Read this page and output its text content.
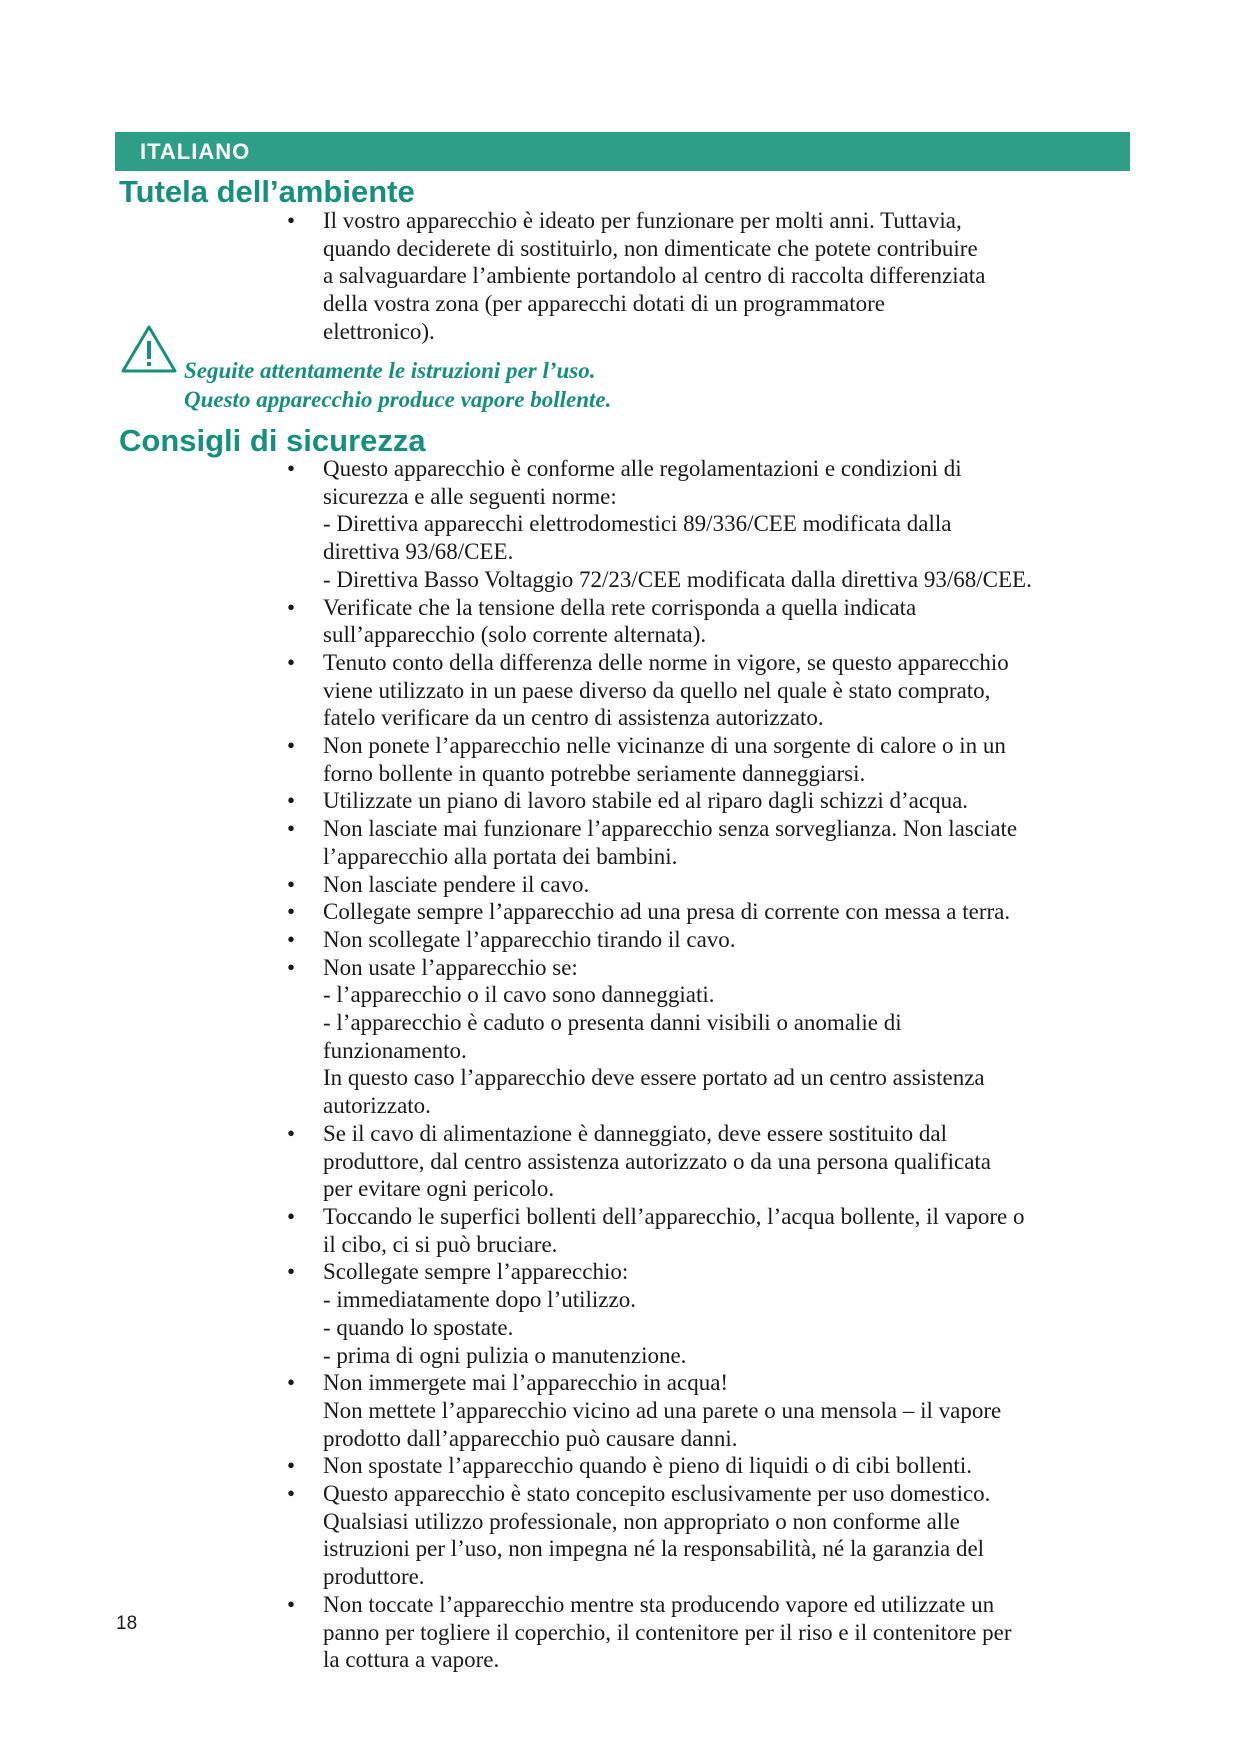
ITALIANO
Tutela dell’ambiente
• Il vostro apparecchio è ideato per funzionare per molti anni. Tuttavia,
quando deciderete di sostituirlo, non dimenticate che potete contribuire
a salvaguardare l’ambiente portandolo al centro di raccolta differenziata
della vostra zona (per apparecchi dotati di un programmatore
elettronico).
Seguite attentamente le istruzioni per l’uso.
Questo apparecchio produce vapore bollente.
Consigli di sicurezza
• Questo apparecchio è conforme alle regolamentazioni e condizioni di
sicurezza e alle seguenti norme:
- Direttiva apparecchi elettrodomestici 89/336/CEE modificata dalla
direttiva 93/68/CEE.
- Direttiva Basso Voltaggio 72/23/CEE modificata dalla direttiva 93/68/CEE.
• Verificate che la tensione della rete corrisponda a quella indicata
sull’apparecchio (solo corrente alternata).
• Tenuto conto della differenza delle norme in vigore, se questo apparecchio
viene utilizzato in un paese diverso da quello nel quale è stato comprato,
fatelo verificare da un centro di assistenza autorizzato.
• Non ponete l’apparecchio nelle vicinanze di una sorgente di calore o in un
forno bollente in quanto potrebbe seriamente danneggiarsi.
• Utilizzate un piano di lavoro stabile ed al riparo dagli schizzi d’acqua.
• Non lasciate mai funzionare l’apparecchio senza sorveglianza. Non lasciate
l’apparecchio alla portata dei bambini.
• Non lasciate pendere il cavo.
• Collegate sempre l’apparecchio ad una presa di corrente con messa a terra.
• Non scollegate l’apparecchio tirando il cavo.
• Non usate l’apparecchio se:
- l’apparecchio o il cavo sono danneggiati.
- l’apparecchio è caduto o presenta danni visibili o anomalie di
funzionamento.
In questo caso l’apparecchio deve essere portato ad un centro assistenza
autorizzato.
• Se il cavo di alimentazione è danneggiato, deve essere sostituito dal
produttore, dal centro assistenza autorizzato o da una persona qualificata
per evitare ogni pericolo.
• Toccando le superfici bollenti dell’apparecchio, l’acqua bollente, il vapore o
il cibo, ci si può bruciare.
• Scollegate sempre l’apparecchio:
- immediatamente dopo l’utilizzo.
- quando lo spostate.
- prima di ogni pulizia o manutenzione.
• Non immergete mai l’apparecchio in acqua!
Non mettete l’apparecchio vicino ad una parete o una mensola – il vapore
prodotto dall’apparecchio può causare danni.
• Non spostate l’apparecchio quando è pieno di liquidi o di cibi bollenti.
• Questo apparecchio è stato concepito esclusivamente per uso domestico.
Qualsiasi utilizzo professionale, non appropriato o non conforme alle
istruzioni per l’uso, non impegna né la responsabilità, né la garanzia del
produttore.
• Non toccate l’apparecchio mentre sta producendo vapore ed utilizzate un
panno per togliere il coperchio, il contenitore per il riso e il contenitore per
la cottura a vapore.
18
